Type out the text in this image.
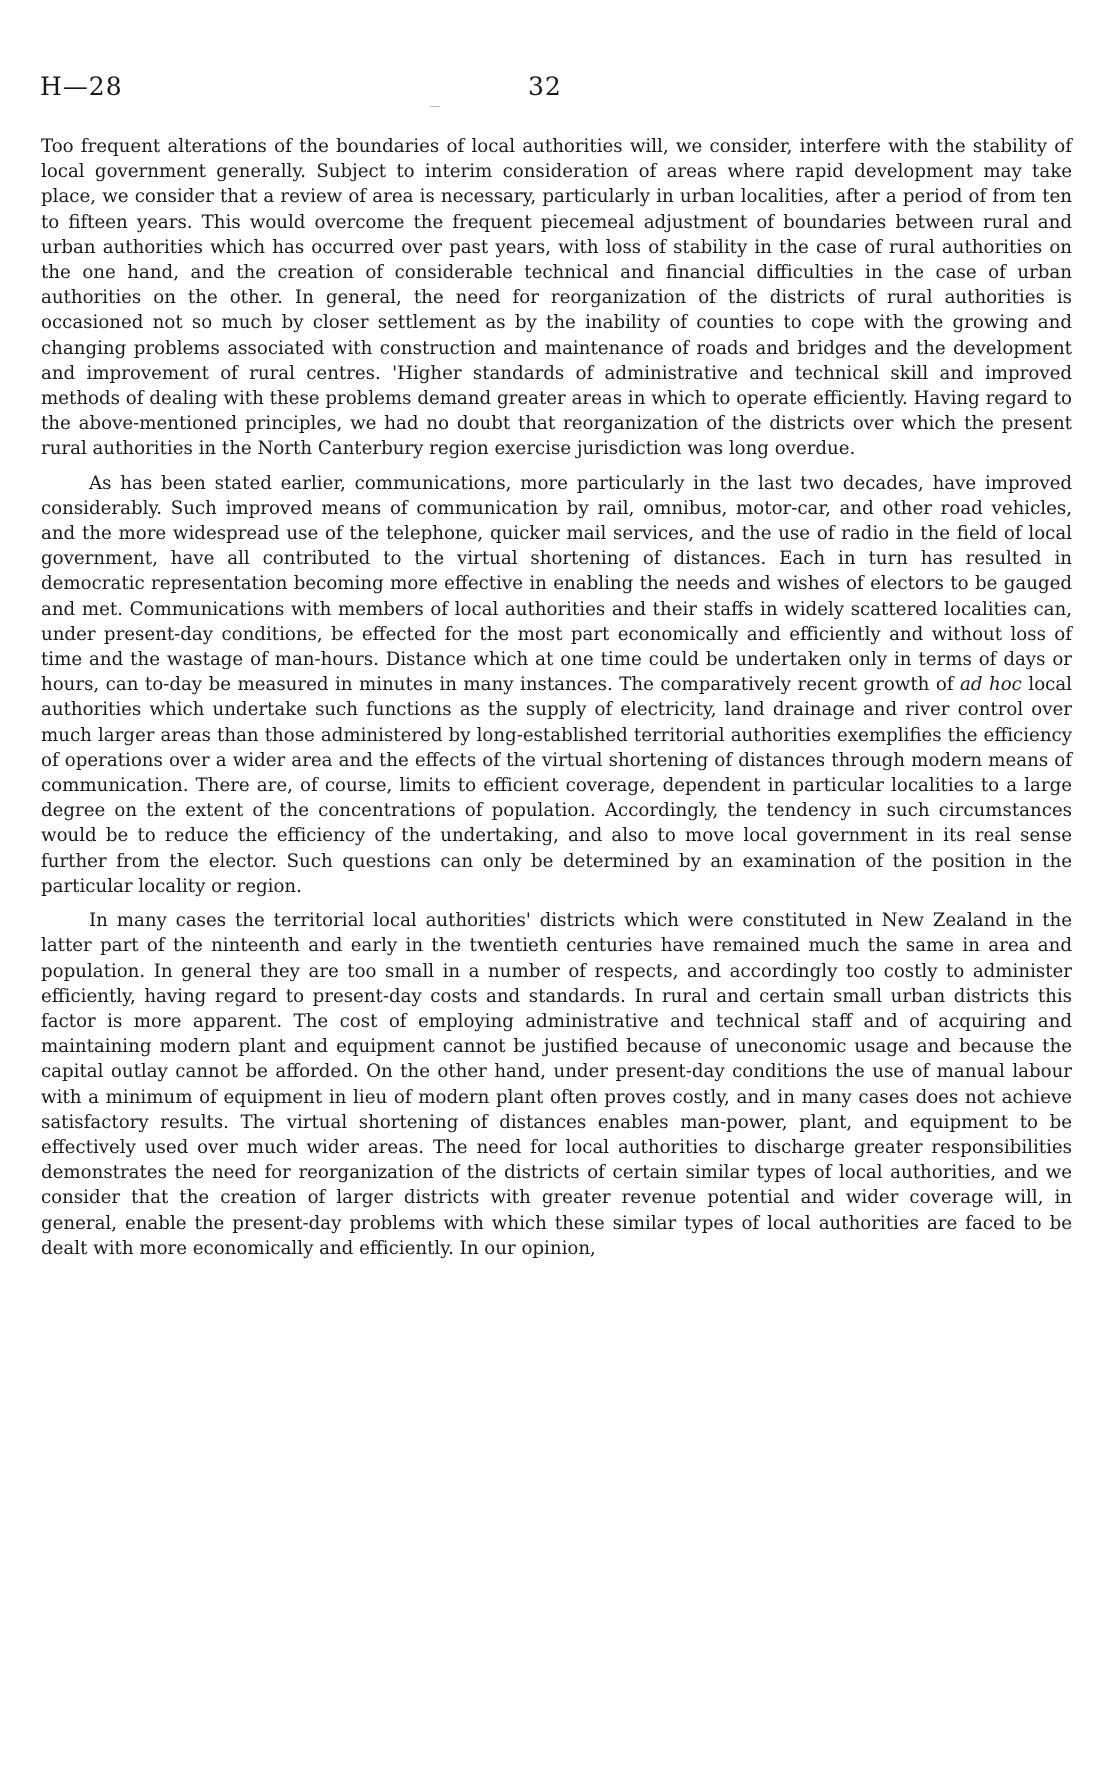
H—28	32

Too frequent alterations of the boundaries of local authorities will, we consider, interfere with the stability of local government generally. Subject to interim consideration of areas where rapid development may take place, we consider that a review of area is necessary, particularly in urban localities, after a period of from ten to fifteen years. This would overcome the frequent piecemeal adjustment of boundaries between rural and urban authorities which has occurred over past years, with loss of stability in the case of rural authorities on the one hand, and the creation of considerable technical and financial difficulties in the case of urban authorities on the other. In general, the need for reorganization of the districts of rural authorities is occasioned not so much by closer settlement as by the inability of counties to cope with the growing and changing problems associated with construction and maintenance of roads and bridges and the development and improvement of rural centres. 'Higher standards of administrative and technical skill and improved methods of dealing with these problems demand greater areas in which to operate efficiently. Having regard to the above-mentioned principles, we had no doubt that reorganization of the districts over which the present rural authorities in the North Canterbury region exercise jurisdiction was long overdue.

As has been stated earlier, communications, more particularly in the last two decades, have improved considerably. Such improved means of communication by rail, omnibus, motor-car, and other road vehicles, and the more widespread use of the telephone, quicker mail services, and the use of radio in the field of local government, have all contributed to the virtual shortening of distances. Each in turn has resulted in democratic representation becoming more effective in enabling the needs and wishes of electors to be gauged and met. Communications with members of local authorities and their staffs in widely scattered localities can, under present-day conditions, be effected for the most part economically and efficiently and without loss of time and the wastage of man-hours. Distance which at one time could be undertaken only in terms of days or hours, can to-day be measured in minutes in many instances. The comparatively recent growth of ad hoc local authorities which undertake such functions as the supply of electricity, land drainage and river control over much larger areas than those administered by long-established territorial authorities exemplifies the efficiency of operations over a wider area and the effects of the virtual shortening of distances through modern means of communication. There are, of course, limits to efficient coverage, dependent in particular localities to a large degree on the extent of the concentrations of population. Accordingly, the tendency in such circumstances would be to reduce the efficiency of the undertaking, and also to move local government in its real sense further from the elector. Such questions can only be determined by an examination of the position in the particular locality or region.

In many cases the territorial local authorities' districts which were constituted in New Zealand in the latter part of the ninteenth and early in the twentieth centuries have remained much the same in area and population. In general they are too small in a number of respects, and accordingly too costly to administer efficiently, having regard to present-day costs and standards. In rural and certain small urban districts this factor is more apparent. The cost of employing administrative and technical staff and of acquiring and maintaining modern plant and equipment cannot be justified because of uneconomic usage and because the capital outlay cannot be afforded. On the other hand, under present-day conditions the use of manual labour with a minimum of equipment in lieu of modern plant often proves costly, and in many cases does not achieve satisfactory results. The virtual shortening of distances enables man-power, plant, and equipment to be effectively used over much wider areas. The need for local authorities to discharge greater responsibilities demonstrates the need for reorganization of the districts of certain similar types of local authorities, and we consider that the creation of larger districts with greater revenue potential and wider coverage will, in general, enable the present-day problems with which these similar types of local authorities are faced to be dealt with more economically and efficiently. In our opinion,
